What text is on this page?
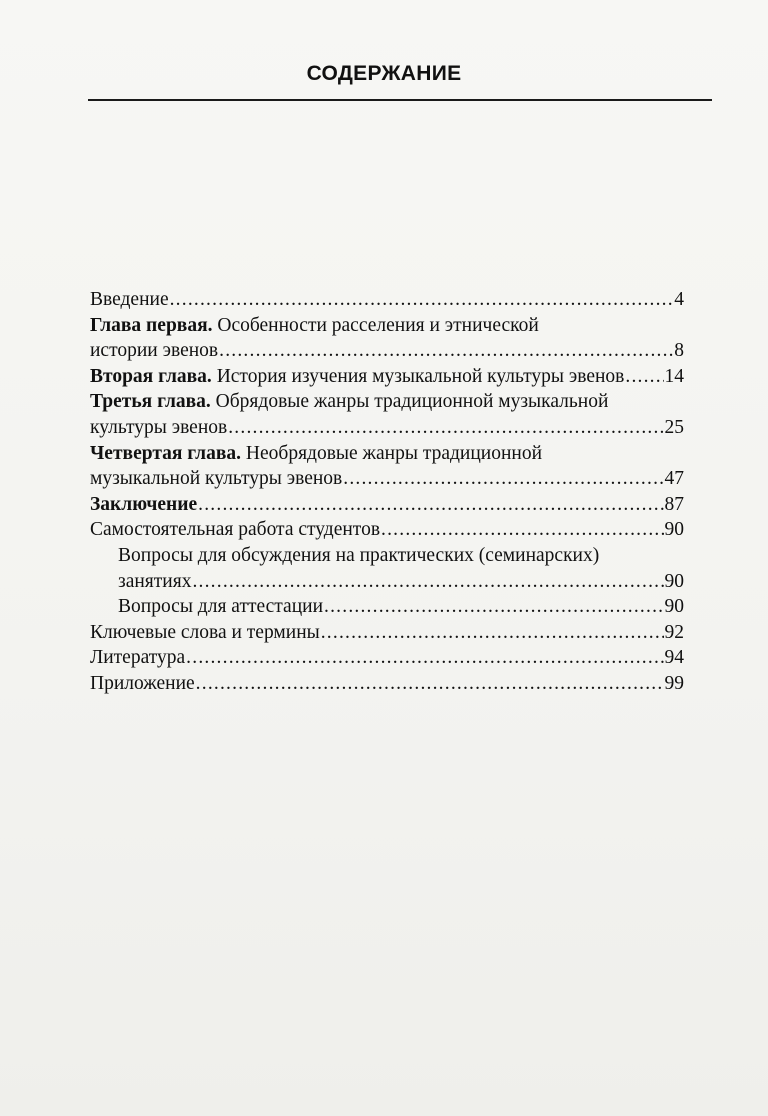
СОДЕРЖАНИЕ
Введение .....	4
Глава первая. Особенности расселения и этнической
истории эвенов .....	8
Вторая глава. История изучения музыкальной культуры эвенов ..... 14
Третья глава. Обрядовые жанры традиционной музыкальной
культуры эвенов .....	25
Четвертая глава. Необрядовые жанры традиционной
музыкальной культуры эвенов .....	47
Заключение .....	87
Самостоятельная работа студентов .....	90
Вопросы для обсуждения на практических (семинарских)
занятиях .....	90
Вопросы для аттестации .....	90
Ключевые слова и термины .....	92
Литература .....	94
Приложение .....	99
